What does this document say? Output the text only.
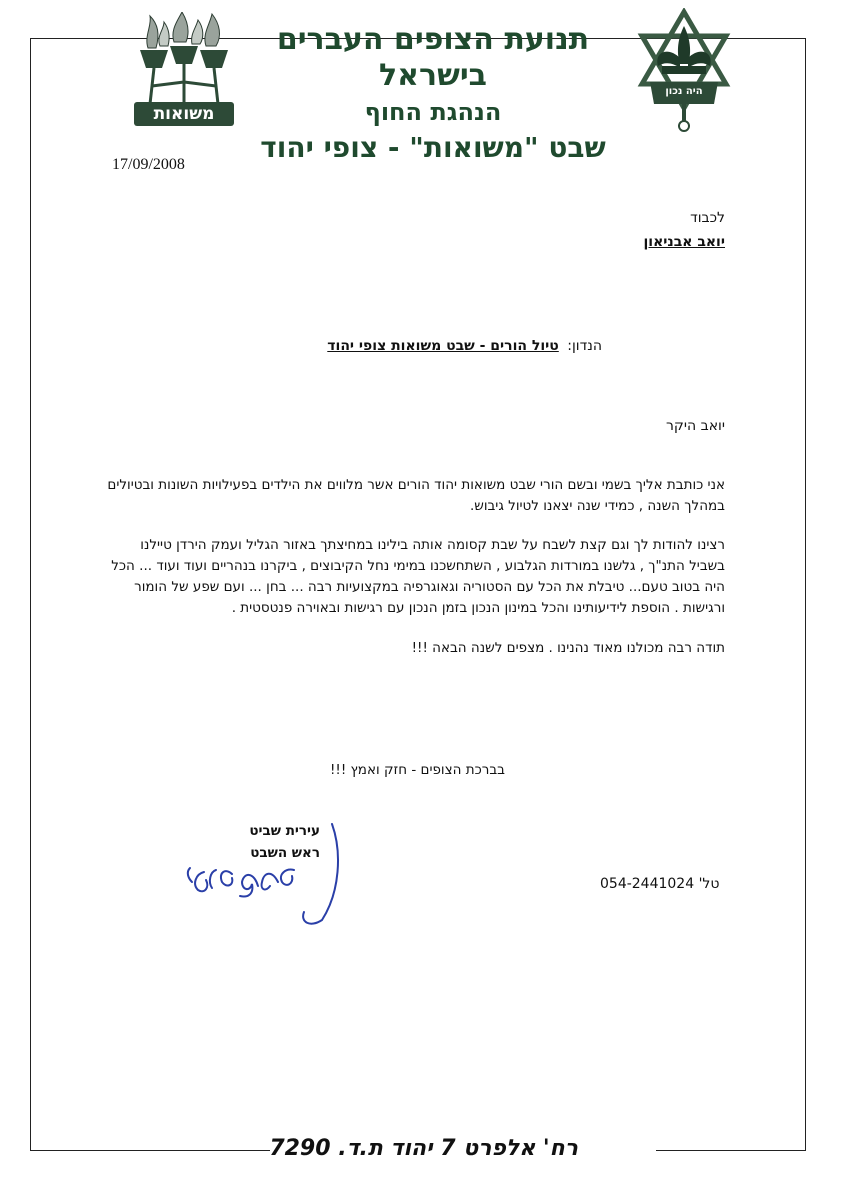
משואות
היה נכון
תנועת הצופים העברים בישראל
הנהגת החוף
שבט "משואות" - צופי יהוד
17/09/2008
לכבוד
יואב אבניאון
הנדון: טיול הורים - שבט משואות צופי יהוד
יואב היקר
אני כותבת אליך בשמי ובשם הורי שבט משואות יהוד הורים אשר מלווים את הילדים בפעילויות השונות ובטיולים במהלך השנה , כמידי שנה יצאנו לטיול גיבוש.
רצינו להודות לך וגם קצת לשבח על שבת קסומה אותה בילינו במחיצתך באזור הגליל ועמק הירדן טיילנו בשביל התנ"ך , גלשנו במורדות הגלבוע , השתחשכנו במימי נחל הקיבוצים , ביקרנו בנהריים ועוד ועוד ... הכל היה בטוב טעם... טיבלת את הכל עם הסטוריה וגאוגרפיה במקצועיות רבה ... בחן ... ועם שפע של הומור ורגישות . הוספת לידיעותינו והכל במינון הנכון בזמן הנכון עם רגישות ובאוירה פנטסטית .
תודה רבה מכולנו מאוד נהנינו . מצפים לשנה הבאה !!!
בברכת הצופים - חזק ואמץ !!!
עירית שביט
ראש השבט
טל' 054-2441024
רח' אלפרט 7 יהוד ת.ד. 7290
